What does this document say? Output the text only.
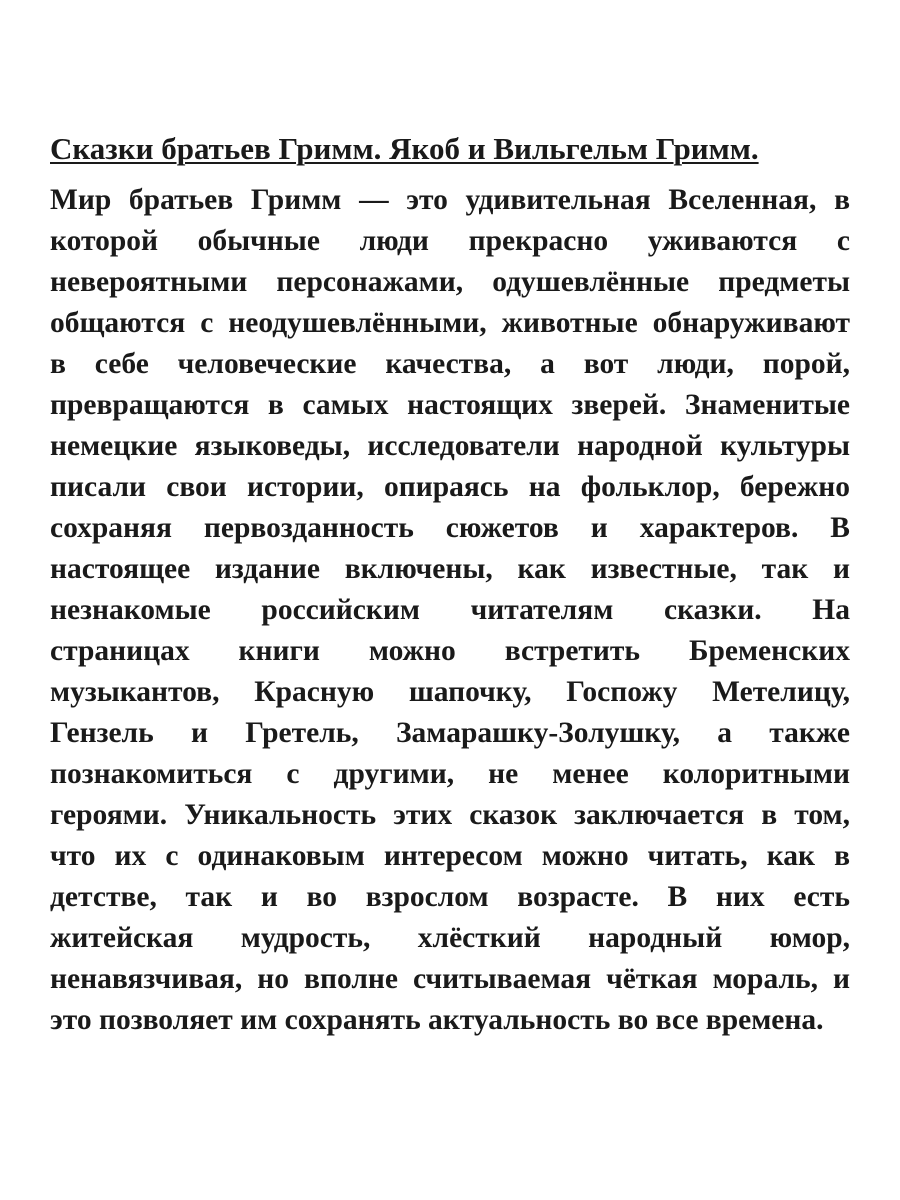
Сказки братьев Гримм. Якоб и Вильгельм Гримм.
Мир братьев Гримм — это удивительная Вселенная, в
которой обычные люди прекрасно уживаются с
невероятными персонажами, одушевлённые предметы
общаются с неодушевлёнными, животные обнаруживают
в себе человеческие качества, а вот люди, порой,
превращаются в самых настоящих зверей. Знаменитые
немецкие языковеды, исследователи народной культуры
писали свои истории, опираясь на фольклор, бережно
сохраняя первозданность сюжетов и характеров. В
настоящее издание включены, как известные, так и
незнакомые российским читателям сказки. На
страницах книги можно встретить Бременских
музыкантов, Красную шапочку, Госпожу Метелицу,
Гензель и Гретель, Замарашку-Золушку, а также
познакомиться с другими, не менее колоритными
героями. Уникальность этих сказок заключается в том,
что их с одинаковым интересом можно читать, как в
детстве, так и во взрослом возрасте. В них есть
житейская мудрость, хлёсткий народный юмор,
ненавязчивая, но вполне считываемая чёткая мораль, и
это позволяет им сохранять актуальность во все времена.
